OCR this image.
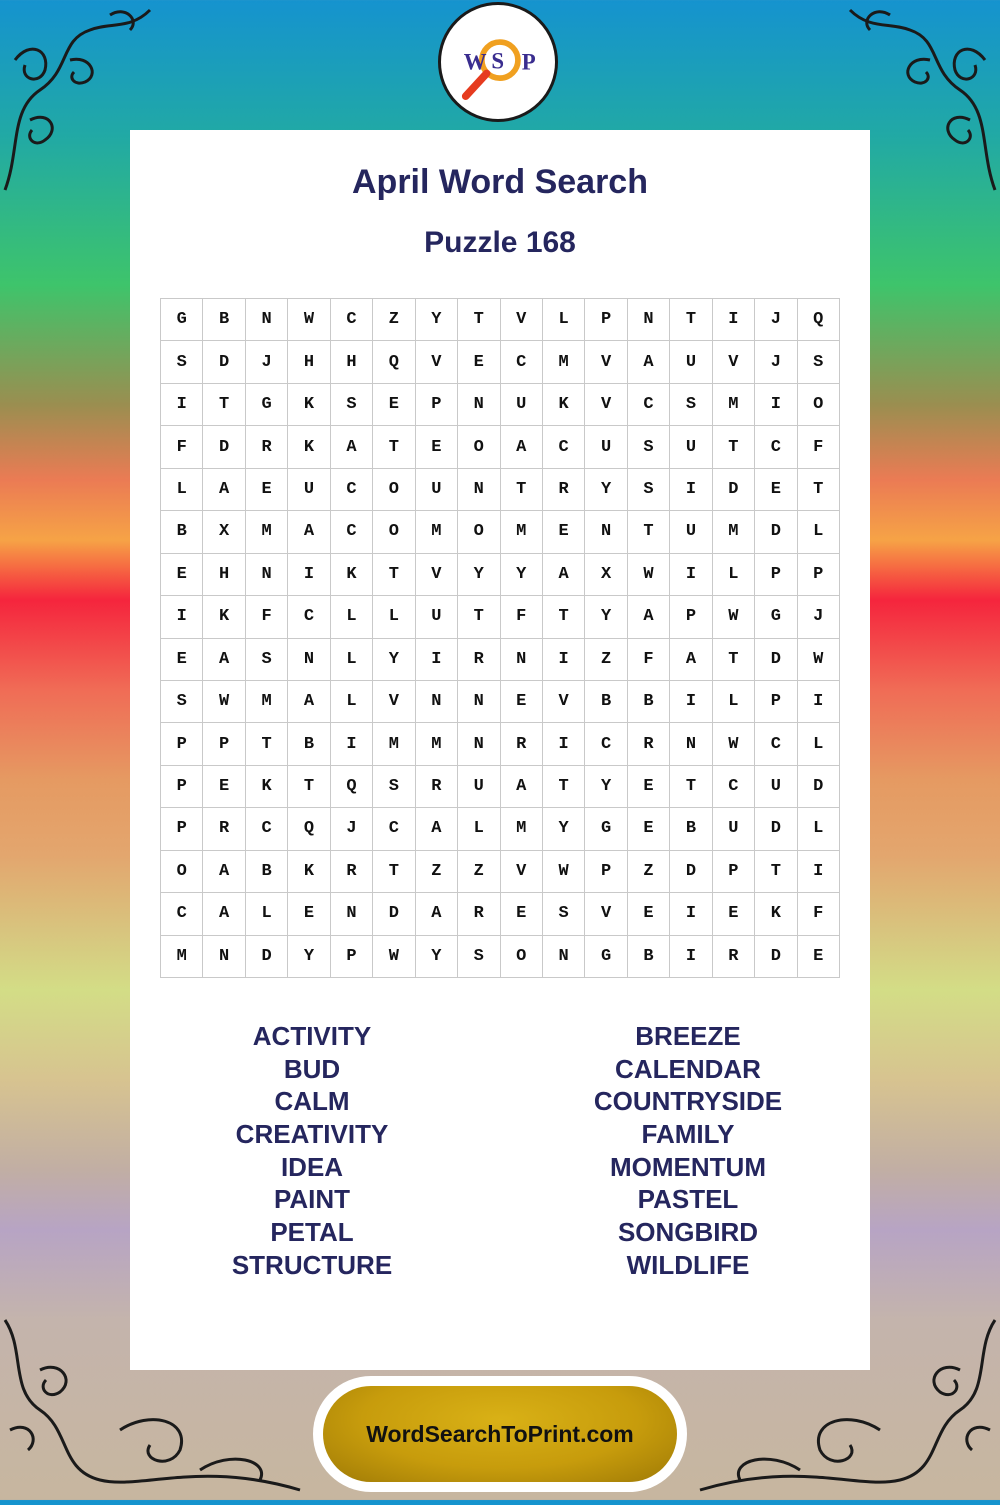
W S P
April Word Search
Puzzle 168
G	B	N	W	C	Z	Y	T	V	L	P	N	T	I	J	Q
S	D	J	H	H	Q	V	E	C	M	V	A	U	V	J	S
I	T	G	K	S	E	P	N	U	K	V	C	S	M	I	O
F	D	R	K	A	T	E	O	A	C	U	S	U	T	C	F
L	A	E	U	C	O	U	N	T	R	Y	S	I	D	E	T
B	X	M	A	C	O	M	O	M	E	N	T	U	M	D	L
E	H	N	I	K	T	V	Y	Y	A	X	W	I	L	P	P
I	K	F	C	L	L	U	T	F	T	Y	A	P	W	G	J
E	A	S	N	L	Y	I	R	N	I	Z	F	A	T	D	W
S	W	M	A	L	V	N	N	E	V	B	B	I	L	P	I
P	P	T	B	I	M	M	N	R	I	C	R	N	W	C	L
P	E	K	T	Q	S	R	U	A	T	Y	E	T	C	U	D
P	R	C	Q	J	C	A	L	M	Y	G	E	B	U	D	L
O	A	B	K	R	T	Z	Z	V	W	P	Z	D	P	T	I
C	A	L	E	N	D	A	R	E	S	V	E	I	E	K	F
M	N	D	Y	P	W	Y	S	O	N	G	B	I	R	D	E
ACTIVITY
BUD
CALM
CREATIVITY
IDEA
PAINT
PETAL
STRUCTURE
BREEZE
CALENDAR
COUNTRYSIDE
FAMILY
MOMENTUM
PASTEL
SONGBIRD
WILDLIFE
WordSearchToPrint.com
